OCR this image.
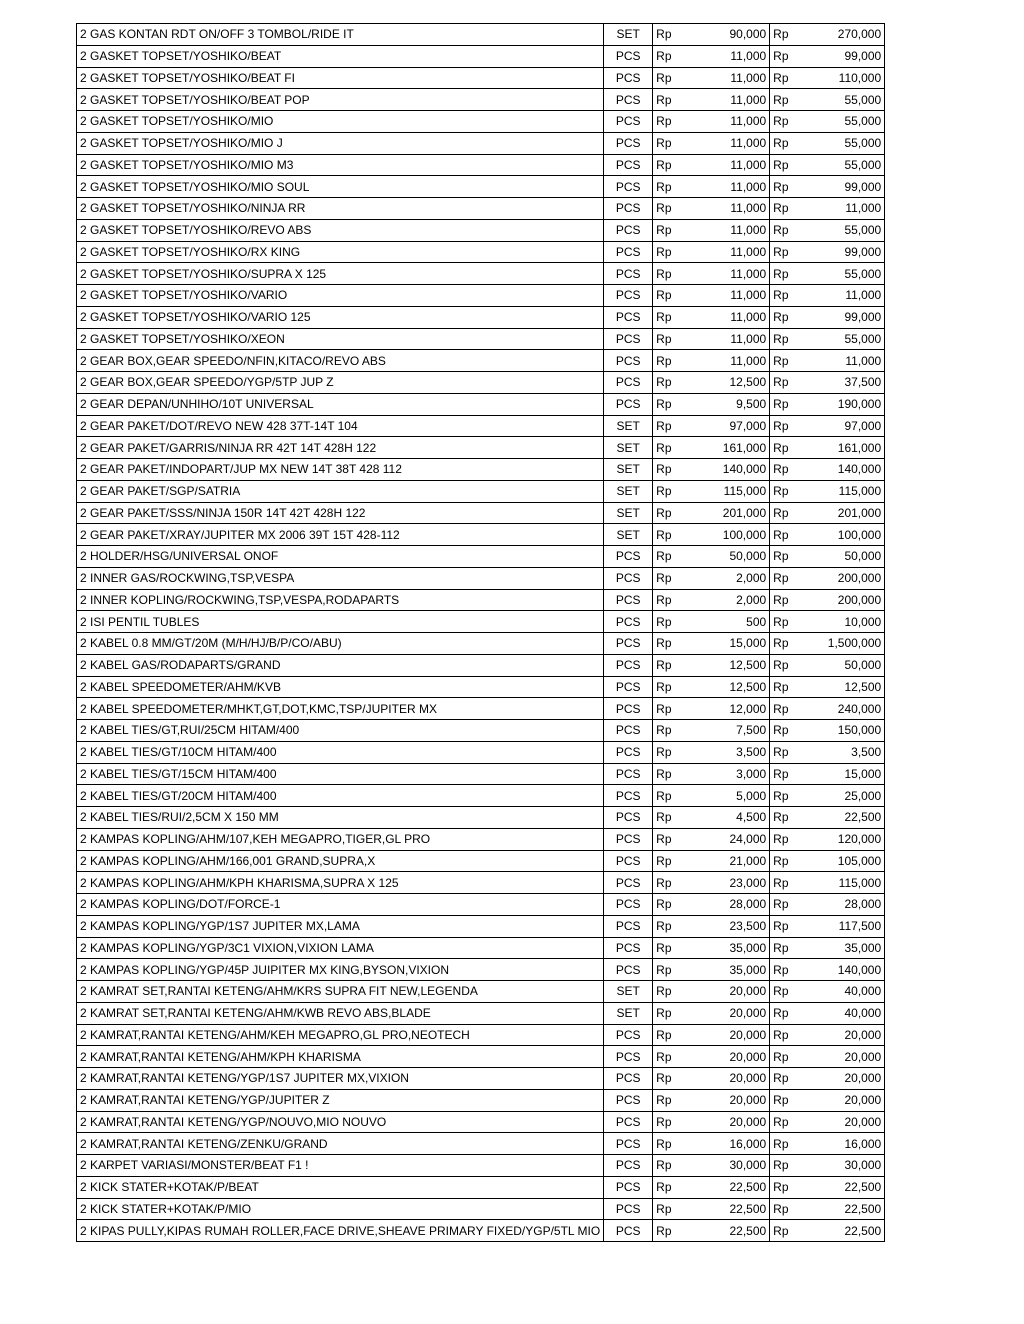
2 GAS KONTAN RDT ON/OFF 3 TOMBOL/RIDE IT	SET	Rp	90,000	Rp	270,000
2 GASKET TOPSET/YOSHIKO/BEAT	PCS	Rp	11,000	Rp	99,000
2 GASKET TOPSET/YOSHIKO/BEAT FI	PCS	Rp	11,000	Rp	110,000
2 GASKET TOPSET/YOSHIKO/BEAT POP	PCS	Rp	11,000	Rp	55,000
2 GASKET TOPSET/YOSHIKO/MIO	PCS	Rp	11,000	Rp	55,000
2 GASKET TOPSET/YOSHIKO/MIO J	PCS	Rp	11,000	Rp	55,000
2 GASKET TOPSET/YOSHIKO/MIO M3	PCS	Rp	11,000	Rp	55,000
2 GASKET TOPSET/YOSHIKO/MIO SOUL	PCS	Rp	11,000	Rp	99,000
2 GASKET TOPSET/YOSHIKO/NINJA RR	PCS	Rp	11,000	Rp	11,000
2 GASKET TOPSET/YOSHIKO/REVO ABS	PCS	Rp	11,000	Rp	55,000
2 GASKET TOPSET/YOSHIKO/RX KING	PCS	Rp	11,000	Rp	99,000
2 GASKET TOPSET/YOSHIKO/SUPRA X 125	PCS	Rp	11,000	Rp	55,000
2 GASKET TOPSET/YOSHIKO/VARIO	PCS	Rp	11,000	Rp	11,000
2 GASKET TOPSET/YOSHIKO/VARIO 125	PCS	Rp	11,000	Rp	99,000
2 GASKET TOPSET/YOSHIKO/XEON	PCS	Rp	11,000	Rp	55,000
2 GEAR BOX,GEAR SPEEDO/NFIN,KITACO/REVO ABS	PCS	Rp	11,000	Rp	11,000
2 GEAR BOX,GEAR SPEEDO/YGP/5TP JUP Z	PCS	Rp	12,500	Rp	37,500
2 GEAR DEPAN/UNHIHO/10T UNIVERSAL	PCS	Rp	9,500	Rp	190,000
2 GEAR PAKET/DOT/REVO NEW 428 37T-14T 104	SET	Rp	97,000	Rp	97,000
2 GEAR PAKET/GARRIS/NINJA RR 42T 14T 428H 122	SET	Rp	161,000	Rp	161,000
2 GEAR PAKET/INDOPART/JUP MX NEW 14T 38T 428 112	SET	Rp	140,000	Rp	140,000
2 GEAR PAKET/SGP/SATRIA	SET	Rp	115,000	Rp	115,000
2 GEAR PAKET/SSS/NINJA 150R 14T 42T 428H 122	SET	Rp	201,000	Rp	201,000
2 GEAR PAKET/XRAY/JUPITER MX 2006 39T 15T 428-112	SET	Rp	100,000	Rp	100,000
2 HOLDER/HSG/UNIVERSAL ONOF	PCS	Rp	50,000	Rp	50,000
2 INNER GAS/ROCKWING,TSP,VESPA	PCS	Rp	2,000	Rp	200,000
2 INNER KOPLING/ROCKWING,TSP,VESPA,RODAPARTS	PCS	Rp	2,000	Rp	200,000
2 ISI PENTIL TUBLES	PCS	Rp	500	Rp	10,000
2 KABEL 0.8 MM/GT/20M (M/H/HJ/B/P/CO/ABU)	PCS	Rp	15,000	Rp	1,500,000
2 KABEL GAS/RODAPARTS/GRAND	PCS	Rp	12,500	Rp	50,000
2 KABEL SPEEDOMETER/AHM/KVB	PCS	Rp	12,500	Rp	12,500
2 KABEL SPEEDOMETER/MHKT,GT,DOT,KMC,TSP/JUPITER MX	PCS	Rp	12,000	Rp	240,000
2 KABEL TIES/GT,RUI/25CM HITAM/400	PCS	Rp	7,500	Rp	150,000
2 KABEL TIES/GT/10CM HITAM/400	PCS	Rp	3,500	Rp	3,500
2 KABEL TIES/GT/15CM HITAM/400	PCS	Rp	3,000	Rp	15,000
2 KABEL TIES/GT/20CM HITAM/400	PCS	Rp	5,000	Rp	25,000
2 KABEL TIES/RUI/2,5CM X 150 MM	PCS	Rp	4,500	Rp	22,500
2 KAMPAS KOPLING/AHM/107,KEH MEGAPRO,TIGER,GL PRO	PCS	Rp	24,000	Rp	120,000
2 KAMPAS KOPLING/AHM/166,001 GRAND,SUPRA,X	PCS	Rp	21,000	Rp	105,000
2 KAMPAS KOPLING/AHM/KPH KHARISMA,SUPRA X 125	PCS	Rp	23,000	Rp	115,000
2 KAMPAS KOPLING/DOT/FORCE-1	PCS	Rp	28,000	Rp	28,000
2 KAMPAS KOPLING/YGP/1S7 JUPITER MX,LAMA	PCS	Rp	23,500	Rp	117,500
2 KAMPAS KOPLING/YGP/3C1 VIXION,VIXION LAMA	PCS	Rp	35,000	Rp	35,000
2 KAMPAS KOPLING/YGP/45P JUIPITER MX KING,BYSON,VIXION	PCS	Rp	35,000	Rp	140,000
2 KAMRAT SET,RANTAI KETENG/AHM/KRS SUPRA FIT NEW,LEGENDA	SET	Rp	20,000	Rp	40,000
2 KAMRAT SET,RANTAI KETENG/AHM/KWB REVO ABS,BLADE	SET	Rp	20,000	Rp	40,000
2 KAMRAT,RANTAI KETENG/AHM/KEH MEGAPRO,GL PRO,NEOTECH	PCS	Rp	20,000	Rp	20,000
2 KAMRAT,RANTAI KETENG/AHM/KPH KHARISMA	PCS	Rp	20,000	Rp	20,000
2 KAMRAT,RANTAI KETENG/YGP/1S7 JUPITER MX,VIXION	PCS	Rp	20,000	Rp	20,000
2 KAMRAT,RANTAI KETENG/YGP/JUPITER Z	PCS	Rp	20,000	Rp	20,000
2 KAMRAT,RANTAI KETENG/YGP/NOUVO,MIO NOUVO	PCS	Rp	20,000	Rp	20,000
2 KAMRAT,RANTAI KETENG/ZENKU/GRAND	PCS	Rp	16,000	Rp	16,000
2 KARPET VARIASI/MONSTER/BEAT F1 !	PCS	Rp	30,000	Rp	30,000
2 KICK STATER+KOTAK/P/BEAT	PCS	Rp	22,500	Rp	22,500
2 KICK STATER+KOTAK/P/MIO	PCS	Rp	22,500	Rp	22,500
2 KIPAS PULLY,KIPAS RUMAH ROLLER,FACE DRIVE,SHEAVE PRIMARY FIXED/YGP/5TL MIO	PCS	Rp	22,500	Rp	22,500
